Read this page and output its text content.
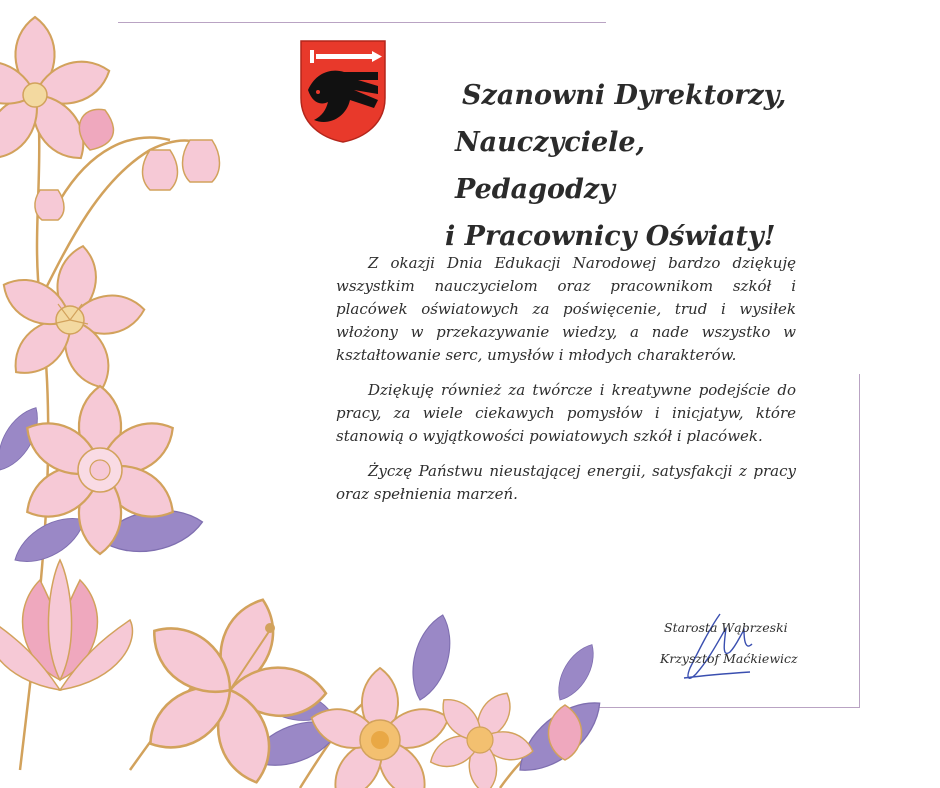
Szanowni Dyrektorzy,
Nauczyciele, Pedagodzy
i Pracownicy Oświaty!

Z okazji Dnia Edukacji Narodowej bardzo dziękuję wszystkim nauczycielom oraz pracownikom szkół i placówek oświatowych za poświęcenie, trud i wysiłek włożony w przekazywanie wiedzy, a nade wszystko w kształtowanie serc, umysłów i młodych charakterów.

Dziękuję również za twórcze i kreatywne podejście do pracy, za wiele ciekawych pomysłów i inicjatyw, które stanowią o wyjątkowości powiatowych szkół i placówek.

Życzę Państwu nieustającej energii, satysfakcji z pracy oraz spełnienia marzeń.

Starosta Wąbrzeski
Krzysztof Maćkiewicz
